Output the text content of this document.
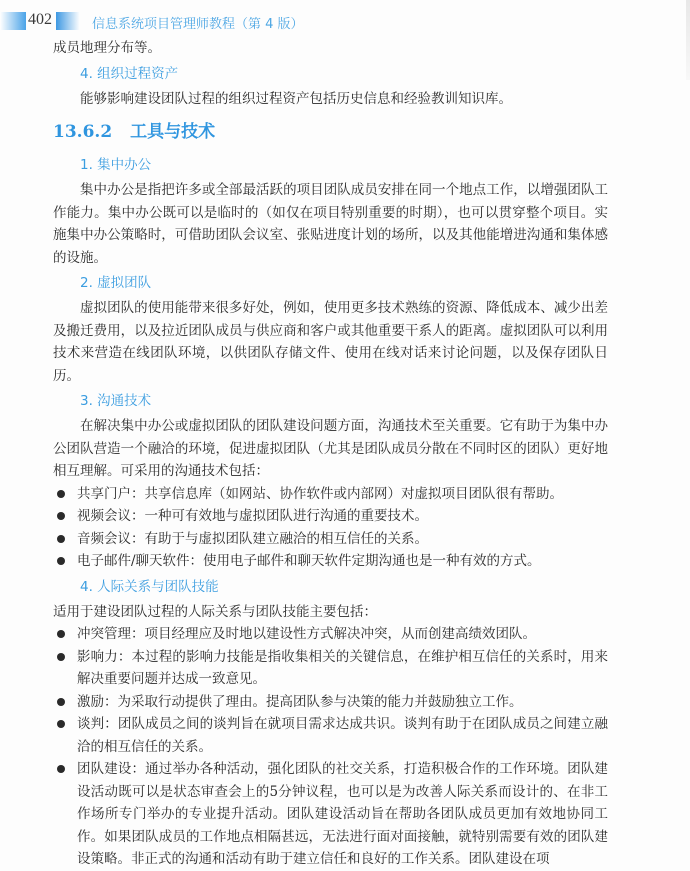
402	信息系统项目管理师教程（第 4 版）

成员地理分布等。

4. 组织过程资产

能够影响建设团队过程的组织过程资产包括历史信息和经验教训知识库。

13.6.2 工具与技术
1. 集中办公

集中办公是指把许多或全部最活跃的项目团队成员安排在同一个地点工作，以增强团队工作能力。集中办公既可以是临时的（如仅在项目特别重要的时期），也可以贯穿整个项目。实施集中办公策略时，可借助团队会议室、张贴进度计划的场所，以及其他能增进沟通和集体感的设施。

2. 虚拟团队

虚拟团队的使用能带来很多好处，例如，使用更多技术熟练的资源、降低成本、减少出差及搬迁费用，以及拉近团队成员与供应商和客户或其他重要干系人的距离。虚拟团队可以利用技术来营造在线团队环境，以供团队存储文件、使用在线对话来讨论问题，以及保存团队日历。

3. 沟通技术

在解决集中办公或虚拟团队的团队建设问题方面，沟通技术至关重要。它有助于为集中办公团队营造一个融洽的环境，促进虚拟团队（尤其是团队成员分散在不同时区的团队）更好地相互理解。可采用的沟通技术包括：

共享门户：共享信息库（如网站、协作软件或内部网）对虚拟项目团队很有帮助。
视频会议：一种可有效地与虚拟团队进行沟通的重要技术。
音频会议：有助于与虚拟团队建立融洽的相互信任的关系。
电子邮件/聊天软件：使用电子邮件和聊天软件定期沟通也是一种有效的方式。
4. 人际关系与团队技能

适用于建设团队过程的人际关系与团队技能主要包括：

冲突管理：项目经理应及时地以建设性方式解决冲突，从而创建高绩效团队。
影响力：本过程的影响力技能是指收集相关的关键信息，在维护相互信任的关系时，用来解决重要问题并达成一致意见。
激励：为采取行动提供了理由。提高团队参与决策的能力并鼓励独立工作。
谈判：团队成员之间的谈判旨在就项目需求达成共识。谈判有助于在团队成员之间建立融洽的相互信任的关系。
团队建设：通过举办各种活动，强化团队的社交关系，打造积极合作的工作环境。团队建设活动既可以是状态审查会上的5分钟议程，也可以是为改善人际关系而设计的、在非工作场所专门举办的专业提升活动。团队建设活动旨在帮助各团队成员更加有效地协同工作。如果团队成员的工作地点相隔甚远，无法进行面对面接触，就特别需要有效的团队建设策略。非正式的沟通和活动有助于建立信任和良好的工作关系。团队建设在项
